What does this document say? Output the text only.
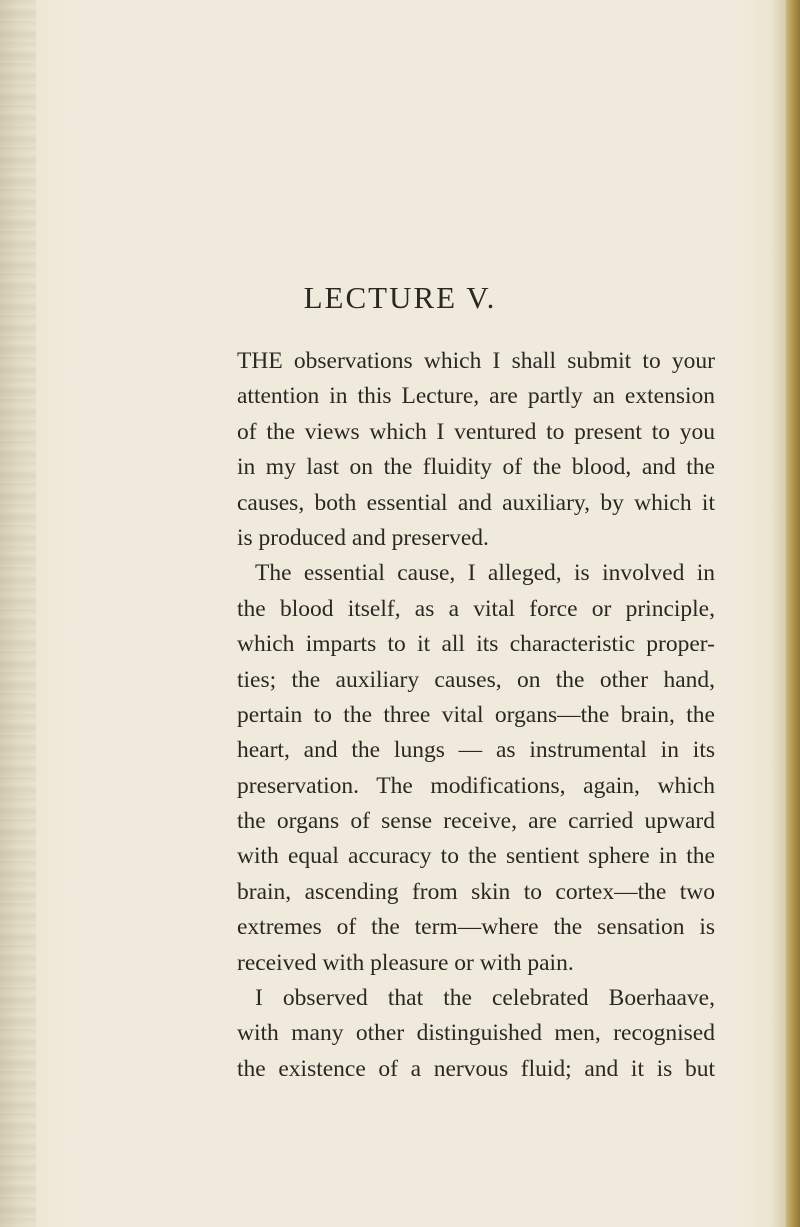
LECTURE V.
THE observations which I shall submit to your
attention in this Lecture, are partly an extension
of the views which I ventured to present to you
in my last on the fluidity of the blood, and the
causes, both essential and auxiliary, by which it
is produced and preserved.
The essential cause, I alleged, is involved in
the blood itself, as a vital force or principle,
which imparts to it all its characteristic proper-
ties; the auxiliary causes, on the other hand,
pertain to the three vital organs—the brain, the
heart, and the lungs — as instrumental in its
preservation. The modifications, again, which
the organs of sense receive, are carried upward
with equal accuracy to the sentient sphere in the
brain, ascending from skin to cortex—the two
extremes of the term—where the sensation is
received with pleasure or with pain.
I observed that the celebrated Boerhaave,
with many other distinguished men, recognised
the existence of a nervous fluid; and it is but
